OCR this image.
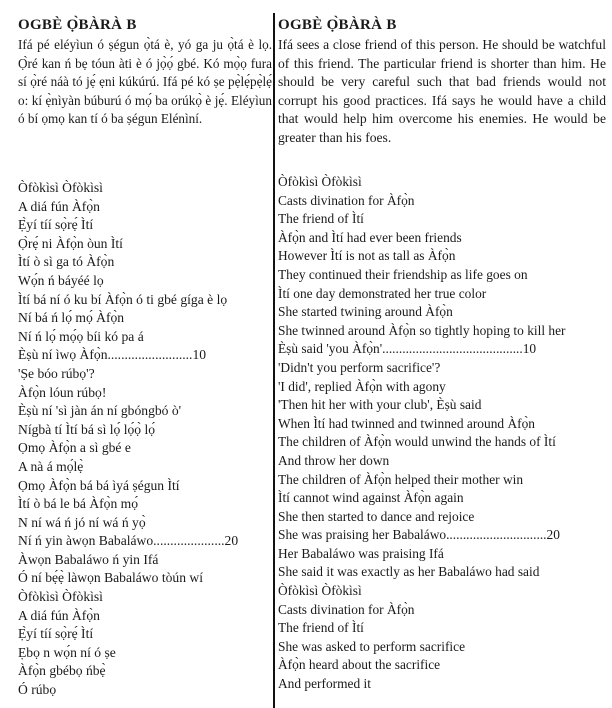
OGBÈ Ọ̀BÀRÀ B
Ifá pé eléyìun ó ṣégun ọ̀tá è, yó ga ju ọ̀tá è lọ. Ọ̀ré kan ń bẹ tóun àti è ó jọ̀ọ́ gbé. Kó mọ̀ọ fura sí ọ̀ré náà tó jẹ́ ẹni kúkúrú. Ifá pé kó ṣe pẹ̀lẹ́pẹ̀lẹ́ o: kí ẹ̀nìyàn búburú ó mọ́ ba orúkọ̀ è jẹ́. Eléyìun ó bí ọmọ kan tí ó ba ṣégun Elénìní.
Òfòkìsì Òfòkìsì
A diá fún Àfọ̀n
Ẹ̀yí tíí sọ̀rẹ́ Ìtí
Ọ̀rẹ́ ni Àfọ̀n òun Ìtí
Ìtí ò sì ga tó Àfọ̀n
Wọ́n ń báyéé lọ
Ìtí bá ní ó ku bí Àfọ̀n ó ti gbé gíga è lọ
Ní bá ń lọ́ mọ́ Àfọ̀n
Ní ń lọ́ mọ́ọ bíi kó pa á
Èṣù ní ìwọ Àfọ̀n.........................10
'Ṣe bóo rúbọ'?
Àfọ̀n lóun rúbọ!
Èṣù ní 'sì jàn án ní gbóngbó ò'
Nígbà tí Ìtí bá sì lọ́ lọ́ọ̀ lọ́
Ọmọ Àfọ̀n a sì gbé e
A nà á mọ́lẹ̀
Ọmọ Àfọ̀n bá bá ìyá ṣégun Ìtí
Ìtí ò bá le bá Àfọ̀n mọ́
N ní wá ń jó ní wá ń yọ̀
Ní ń yin àwọn Babaláwo.....................20
Àwọn Babaláwo ń yin Ifá
Ó ní bẹ́ẹ̀ làwọn Babaláwo tòún wí
Òfòkìsì Òfòkìsì
A diá fún Àfọ̀n
Ẹ̀yí tíí sọ̀rẹ́ Ìtí
Ẹbọ n wọ́n ní ó ṣe
Àfọ̀n gbébọ ńbẹ̀
Ó rúbọ
OGBÈ Ọ̀BÀRÀ B
Ifá sees a close friend of this person. He should be watchful of this friend. The particular friend is shorter than him. He should be very careful such that bad friends would not corrupt his good practices. Ifá says he would have a child that would help him overcome his enemies. He would be greater than his foes.
Òfòkìsì Òfòkìsì
Casts divination for Àfọ̀n
The friend of Ìtí
Àfọ̀n and Ìtí had ever been friends
However Ìtí is not as tall as Àfọ̀n
They continued their friendship as life goes on
Ìtí one day demonstrated her true color
She started twining around Àfọ̀n
She twinned around Àfọ̀n so tightly hoping to kill her
Èṣù said 'you Àfọ̀n'..........................................10
'Didn't you perform sacrifice'?
'I did', replied Àfọ̀n with agony
'Then hit her with your club', Èṣù said
When Ìtí had twinned and twinned around Àfọ̀n
The children of Àfọ̀n would unwind the hands of Ìtí
And throw her down
The children of Àfọ̀n helped their mother win
Ìtí cannot wind against Àfọ̀n again
She then started to dance and rejoice
She was praising her Babaláwo..............................20
Her Babaláwo was praising Ifá
She said it was exactly as her Babaláwo had said
Òfòkìsì Òfòkìsì
Casts divination for Àfọ̀n
The friend of Ìtí
She was asked to perform sacrifice
Àfọ̀n heard about the sacrifice
And performed it
